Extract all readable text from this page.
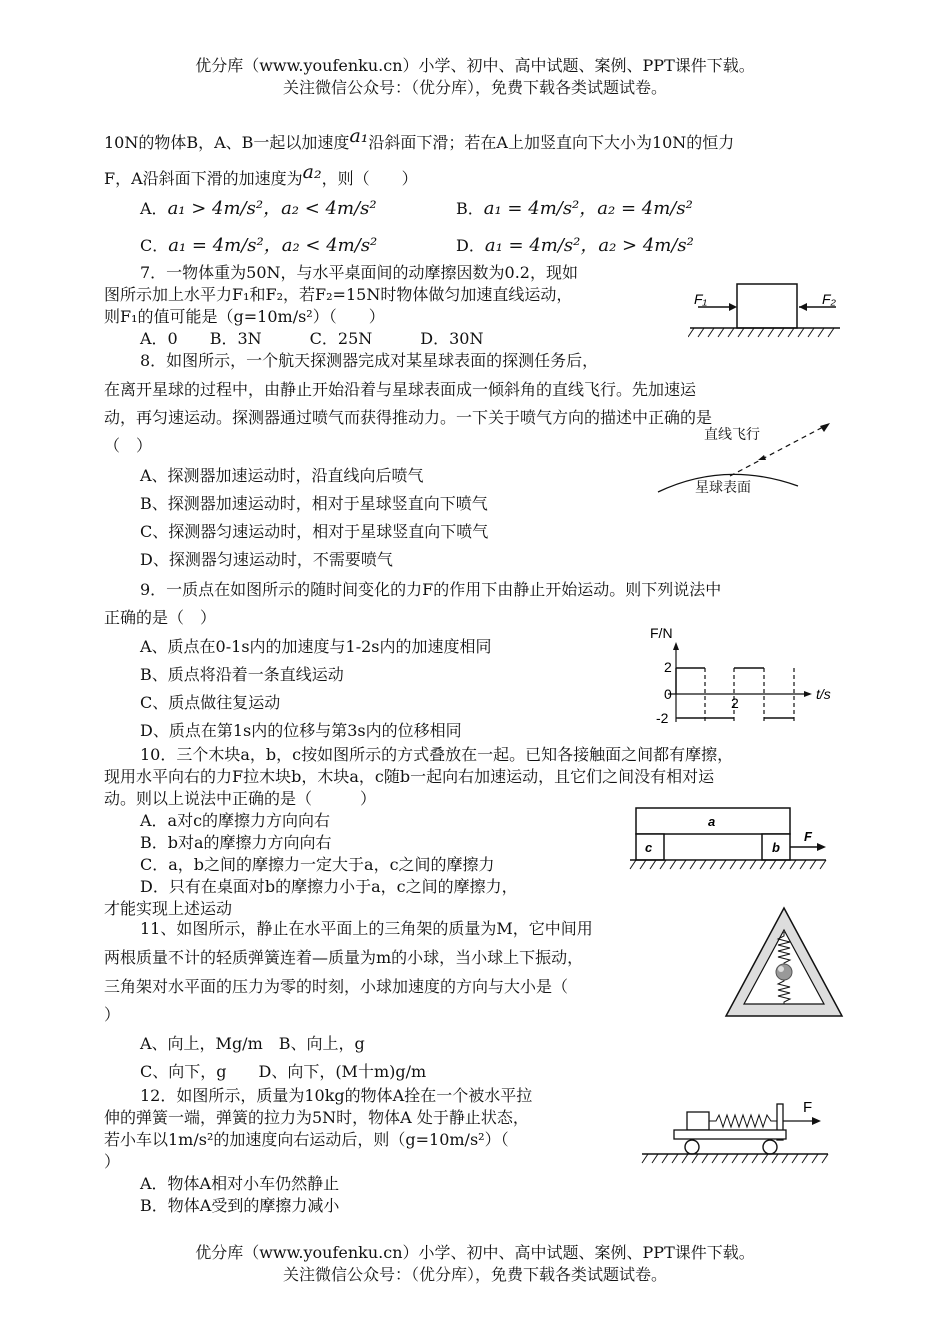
优分库（www.youfenku.cn）小学、初中、高中试题、案例、PPT课件下载。
关注微信公众号：（优分库），免费下载各类试题试卷。
10N的物体B，A、B一起以加速度a₁沿斜面下滑；若在A上加竖直向下大小为10N的恒力
F，A沿斜面下滑的加速度为a₂，则（　　）
A．a₁ > 4m/s²，a₂ < 4m/s²	B．a₁ = 4m/s²，a₂ = 4m/s²
C．a₁ = 4m/s²，a₂ < 4m/s²	D．a₁ = 4m/s²，a₂ > 4m/s²
7．一物体重为50N，与水平桌面间的动摩擦因数为0.2，现如
图所示加上水平力F₁和F₂，若F₂=15N时物体做匀加速直线运动，
则F₁的值可能是（g=10m/s²）（　　）
A．0　　B．3N　　　C．25N　　　D．30N
F₁	F₂
8．如图所示，一个航天探测器完成对某星球表面的探测任务后，
在离开星球的过程中，由静止开始沿着与星球表面成一倾斜角的直线飞行。先加速运
动，再匀速运动。探测器通过喷气而获得推动力。一下关于喷气方向的描述中正确的是
（　）
A、探测器加速运动时，沿直线向后喷气
B、探测器加速运动时，相对于星球竖直向下喷气
C、探测器匀速运动时，相对于星球竖直向下喷气
D、探测器匀速运动时，不需要喷气
直线飞行
星球表面
9．一质点在如图所示的随时间变化的力F的作用下由静止开始运动。则下列说法中
正确的是（　）
A、质点在0-1s内的加速度与1-2s内的加速度相同
B、质点将沿着一条直线运动
C、质点做往复运动
D、质点在第1s内的位移与第3s内的位移相同
F/N
t/s
2
0
-2
2
10．三个木块a，b，c按如图所示的方式叠放在一起。已知各接触面之间都有摩擦，
现用水平向右的力F拉木块b，木块a，c随b一起向右加速运动，且它们之间没有相对运
动。则以上说法中正确的是（　　　）
A．a对c的摩擦力方向向右
B．b对a的摩擦力方向向右
C．a，b之间的摩擦力一定大于a，c之间的摩擦力
D．只有在桌面对b的摩擦力小于a，c之间的摩擦力，
才能实现上述运动
a
c	b
F
11、如图所示，静止在水平面上的三角架的质量为M，它中间用
两根质量不计的轻质弹簧连着—质量为m的小球，当小球上下振动，
三角架对水平面的压力为零的时刻，小球加速度的方向与大小是（
）
A、向上，Mg/m　B、向上，g
C、向下，g　　D、向下，(M十m)g/m
12．如图所示，质量为10kg的物体A拴在一个被水平拉
伸的弹簧一端，弹簧的拉力为5N时，物体A 处于静止状态，
若小车以1m/s²的加速度向右运动后，则（g=10m/s²）（
）
A．物体A相对小车仍然静止
B．物体A受到的摩擦力减小
F
优分库（www.youfenku.cn）小学、初中、高中试题、案例、PPT课件下载。
关注微信公众号：（优分库），免费下载各类试题试卷。
